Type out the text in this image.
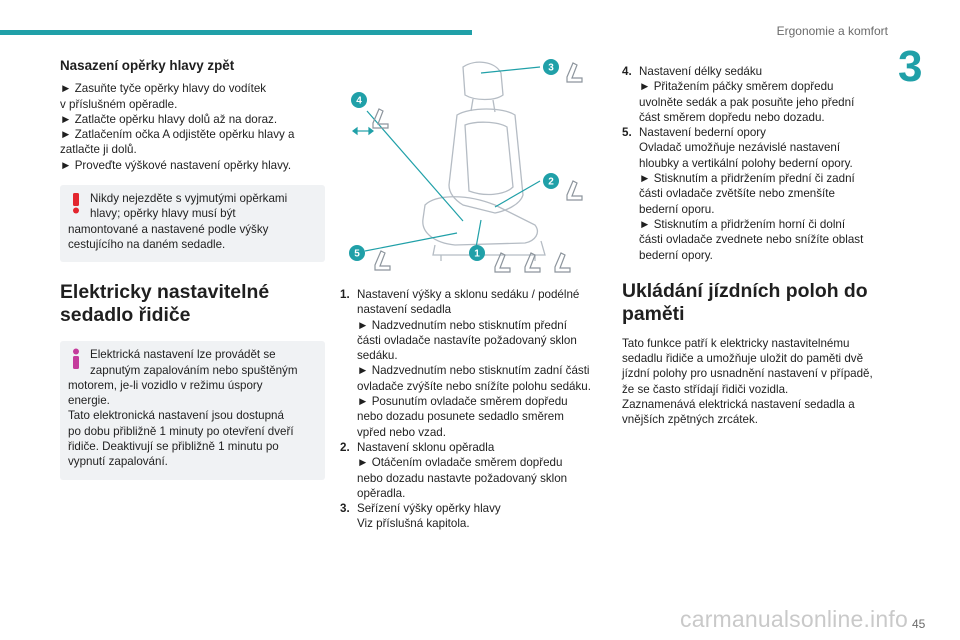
Ergonomie a komfort
3
Nasazení opěrky hlavy zpět
► Zasuňte tyče opěrky hlavy do vodítek
v příslušném opěradle.
► Zatlačte opěrku hlavy dolů až na doraz.
► Zatlačením očka A odjistěte opěrku hlavy a
zatlačte ji dolů.
► Proveďte výškové nastavení opěrky hlavy.
Nikdy nejezděte s vyjmutými opěrkami
hlavy; opěrky hlavy musí být
namontované a nastavené podle výšky
cestujícího na daném sedadle.
Elektricky nastavitelné
sedadlo řidiče
Elektrická nastavení lze provádět se
zapnutým zapalováním nebo spuštěným
motorem, je-li vozidlo v režimu úspory
energie.
Tato elektronická nastavení jsou dostupná
po dobu přibližně 1 minuty po otevření dveří
řidiče. Deaktivují se přibližně 1 minutu po
vypnutí zapalování.
3
4
2
5	1
1. Nastavení výšky a sklonu sedáku / podélné
nastavení sedadla
► Nadzvednutím nebo stisknutím přední
části ovladače nastavíte požadovaný sklon
sedáku.
► Nadzvednutím nebo stisknutím zadní části
ovladače zvýšíte nebo snížíte polohu sedáku.
► Posunutím ovladače směrem dopředu
nebo dozadu posunete sedadlo směrem
vpřed nebo vzad.
2. Nastavení sklonu opěradla
► Otáčením ovladače směrem dopředu
nebo dozadu nastavte požadovaný sklon
opěradla.
3. Seřízení výšky opěrky hlavy
Viz příslušná kapitola.
4. Nastavení délky sedáku
► Přitažením páčky směrem dopředu
uvolněte sedák a pak posuňte jeho přední
část směrem dopředu nebo dozadu.
5. Nastavení bederní opory
Ovladač umožňuje nezávislé nastavení
hloubky a vertikální polohy bederní opory.
► Stisknutím a přidržením přední či zadní
části ovladače zvětšíte nebo zmenšíte
bederní oporu.
► Stisknutím a přidržením horní či dolní
části ovladače zvednete nebo snížíte oblast
bederní opory.
Ukládání jízdních poloh do
paměti
Tato funkce patří k elektricky nastavitelnému
sedadlu řidiče a umožňuje uložit do paměti dvě
jízdní polohy pro usnadnění nastavení v případě,
že se často střídají řidiči vozidla.
Zaznamenává elektrická nastavení sedadla a
vnějších zpětných zrcátek.
carmanualsonline.info 45
